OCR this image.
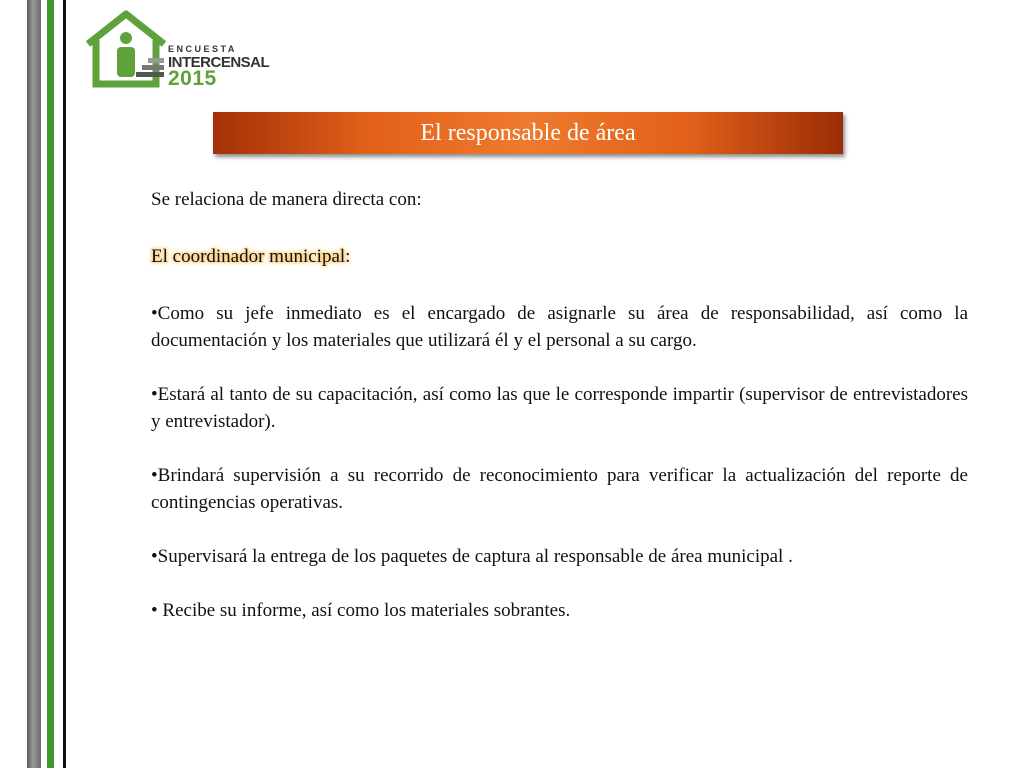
ENCUESTA
INTERCENSAL
2015
El responsable de área

Se relaciona de manera directa con:

El coordinador municipal:

•Como su jefe inmediato es el encargado de asignarle su área de responsabilidad, así como la documentación y los materiales que utilizará él y el personal a su cargo.

•Estará al tanto de su capacitación, así como las que le corresponde impartir (supervisor de entrevistadores y entrevistador).

•Brindará supervisión a su recorrido de reconocimiento para verificar la actualización del reporte de contingencias operativas.

•Supervisará la entrega de los paquetes de captura al responsable de área municipal .

• Recibe su informe, así como los materiales sobrantes.
